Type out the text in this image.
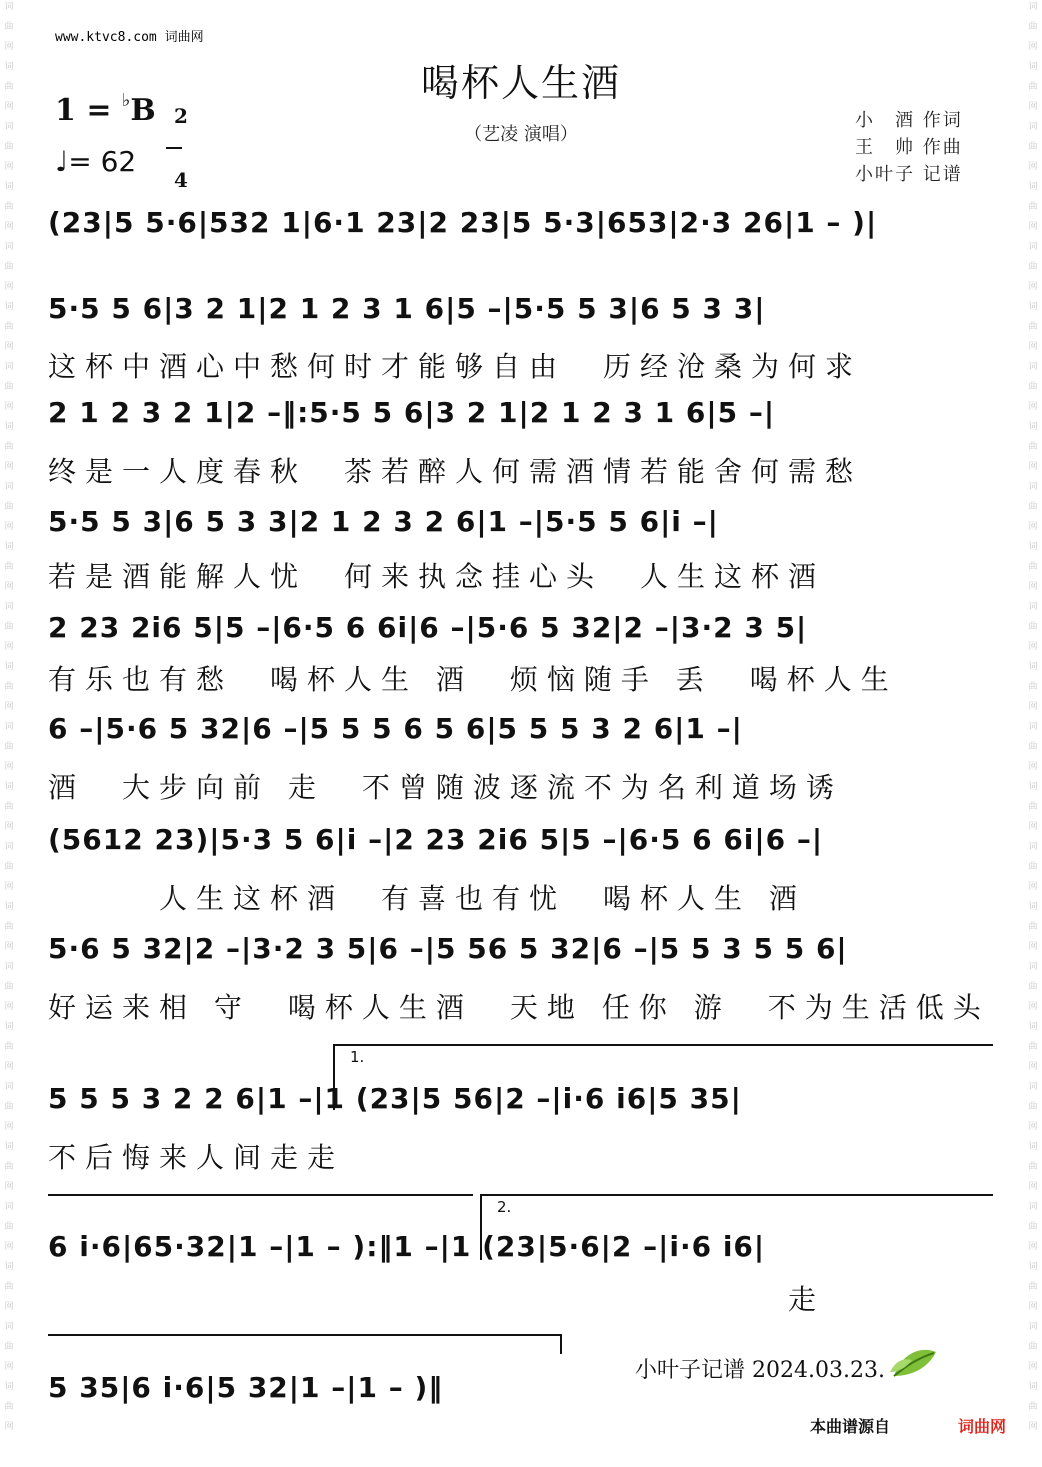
词
曲
网
词
曲
网
词
曲
网
词
曲
网
词
曲
网
词
曲
网
词
曲
网
词
曲
网
词
曲
网
词
曲
网
词
曲
网
词
曲
网
词
曲
网
词
曲
网
词
曲
网
词
曲
网
词
曲
网
词
曲
网
词
曲
网
词
曲
网
词
曲
网
词
曲
网
词
曲
网
词
曲
网
词
曲
网
词
曲
网
词
曲
网
词
曲
网
词
曲
网
词
曲
网
词
曲
网
词
曲
网
词
曲
网
词
曲
网
词
曲
网
词
曲
网
词
曲
网
词
曲
网
词
曲
网
词
曲
网
词
曲
网
词
曲
网
词
曲
网
词
曲
网
词
曲
网
词
曲
网
词
曲
网
词
曲
网
www.ktvc8.com 词曲网
喝杯人生酒
（艺凌 演唱）
1 = ♭B 2

4

♩= 62
小　酒 作词
王　帅 作曲
小叶子 记谱
(23|5 5·6|532 1|6·1 23|2 23|5 5·3|653|2·3 26|1 – )|
5·5 5 6|3 2 1|2 1 2 3 1 6|5 –|5·5 5 3|6 5 3 3|
这杯中酒心中愁何时才能够自由　历经沧桑为何求
2 1 2 3 2 1|2 –‖:5·5 5 6|3 2 1|2 1 2 3 1 6|5 –|
终是一人度春秋　茶若醉人何需酒情若能舍何需愁
5·5 5 3|6 5 3 3|2 1 2 3 2 6|1 –|5·5 5 6|i –|
若是酒能解人忧　何来执念挂心头　人生这杯酒
2 23 2i6 5|5 –|6·5 6 6i|6 –|5·6 5 32|2 –|3·2 3 5|
有乐也有愁　喝杯人生 酒　烦恼随手 丢　喝杯人生
6 –|5·6 5 32|6 –|5 5 5 6 5 6|5 5 5 3 2 6|1 –|
酒　大步向前 走　不曾随波逐流不为名利道场诱
(5612 23)|5·3 5 6|i –|2 23 2i6 5|5 –|6·5 6 6i|6 –|
　　　人生这杯酒　有喜也有忧　喝杯人生 酒
5·6 5 32|2 –|3·2 3 5|6 –|5 56 5 32|6 –|5 5 3 5 5 6|
好运来相 守　喝杯人生酒　天地 任你 游　不为生活低头
1.
5 5 5 3 2 2 6|1 –|1 (23|5 56|2 –|i·6 i6|5 35|
不后悔来人间走走
2.
6 i·6|65·32|1 –|1 – ):‖1 –|1 (23|5·6|2 –|i·6 i6|
　　　　　　　　　　　　　　　　　　　　走
5 35|6 i·6|5 32|1 –|1 – )‖
小叶子记谱 2024.03.23.
本曲谱源自	词曲网
